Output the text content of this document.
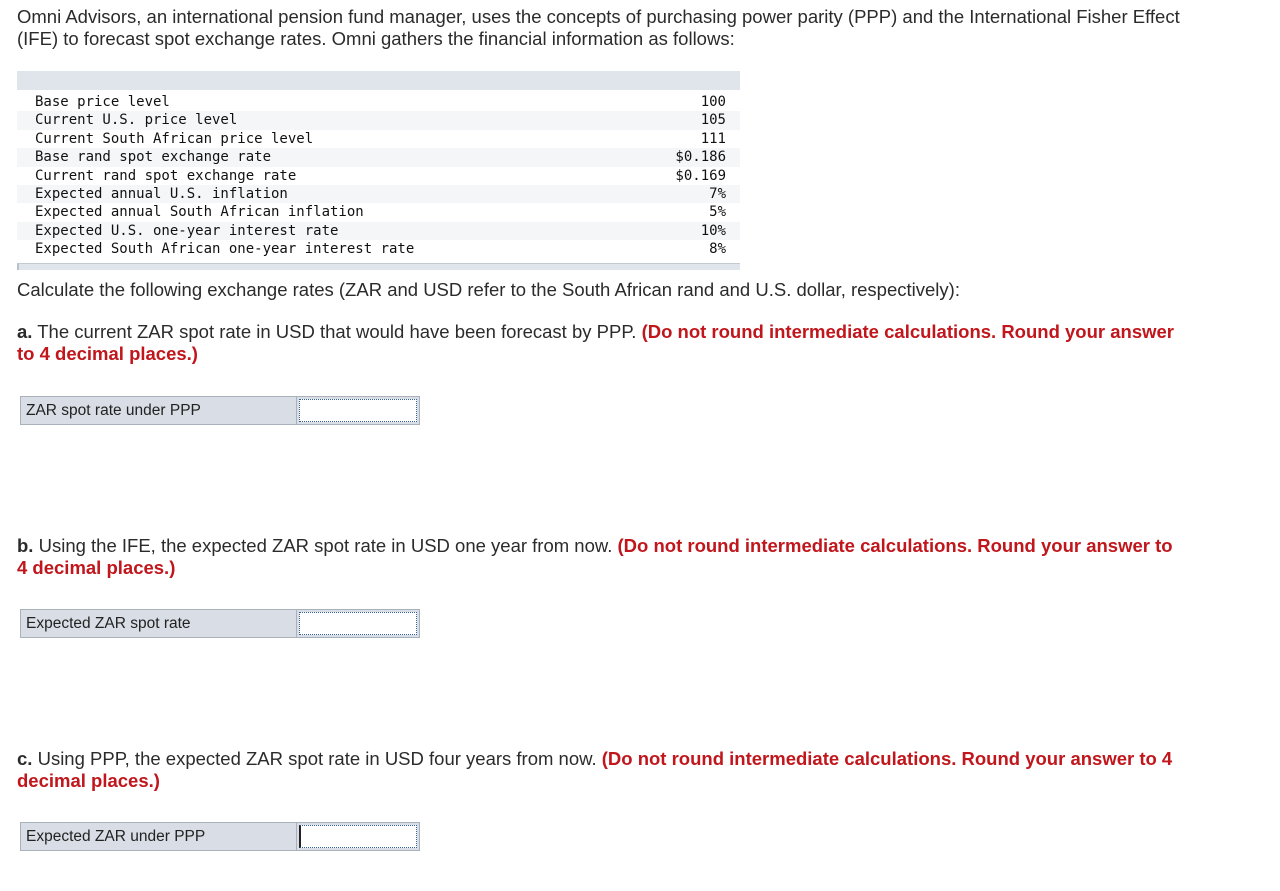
Omni Advisors, an international pension fund manager, uses the concepts of purchasing power parity (PPP) and the International Fisher Effect (IFE) to forecast spot exchange rates. Omni gathers the financial information as follows:

Base price level	100
Current U.S. price level	105
Current South African price level	111
Base rand spot exchange rate	$0.186
Current rand spot exchange rate	$0.169
Expected annual U.S. inflation	7%
Expected annual South African inflation	5%
Expected U.S. one-year interest rate	10%
Expected South African one-year interest rate	8%
Calculate the following exchange rates (ZAR and USD refer to the South African rand and U.S. dollar, respectively):
a. The current ZAR spot rate in USD that would have been forecast by PPP. (Do not round intermediate calculations. Round your answer to 4 decimal places.)
ZAR spot rate under PPP
b. Using the IFE, the expected ZAR spot rate in USD one year from now. (Do not round intermediate calculations. Round your answer to 4 decimal places.)
Expected ZAR spot rate
c. Using PPP, the expected ZAR spot rate in USD four years from now. (Do not round intermediate calculations. Round your answer to 4 decimal places.)
Expected ZAR under PPP
